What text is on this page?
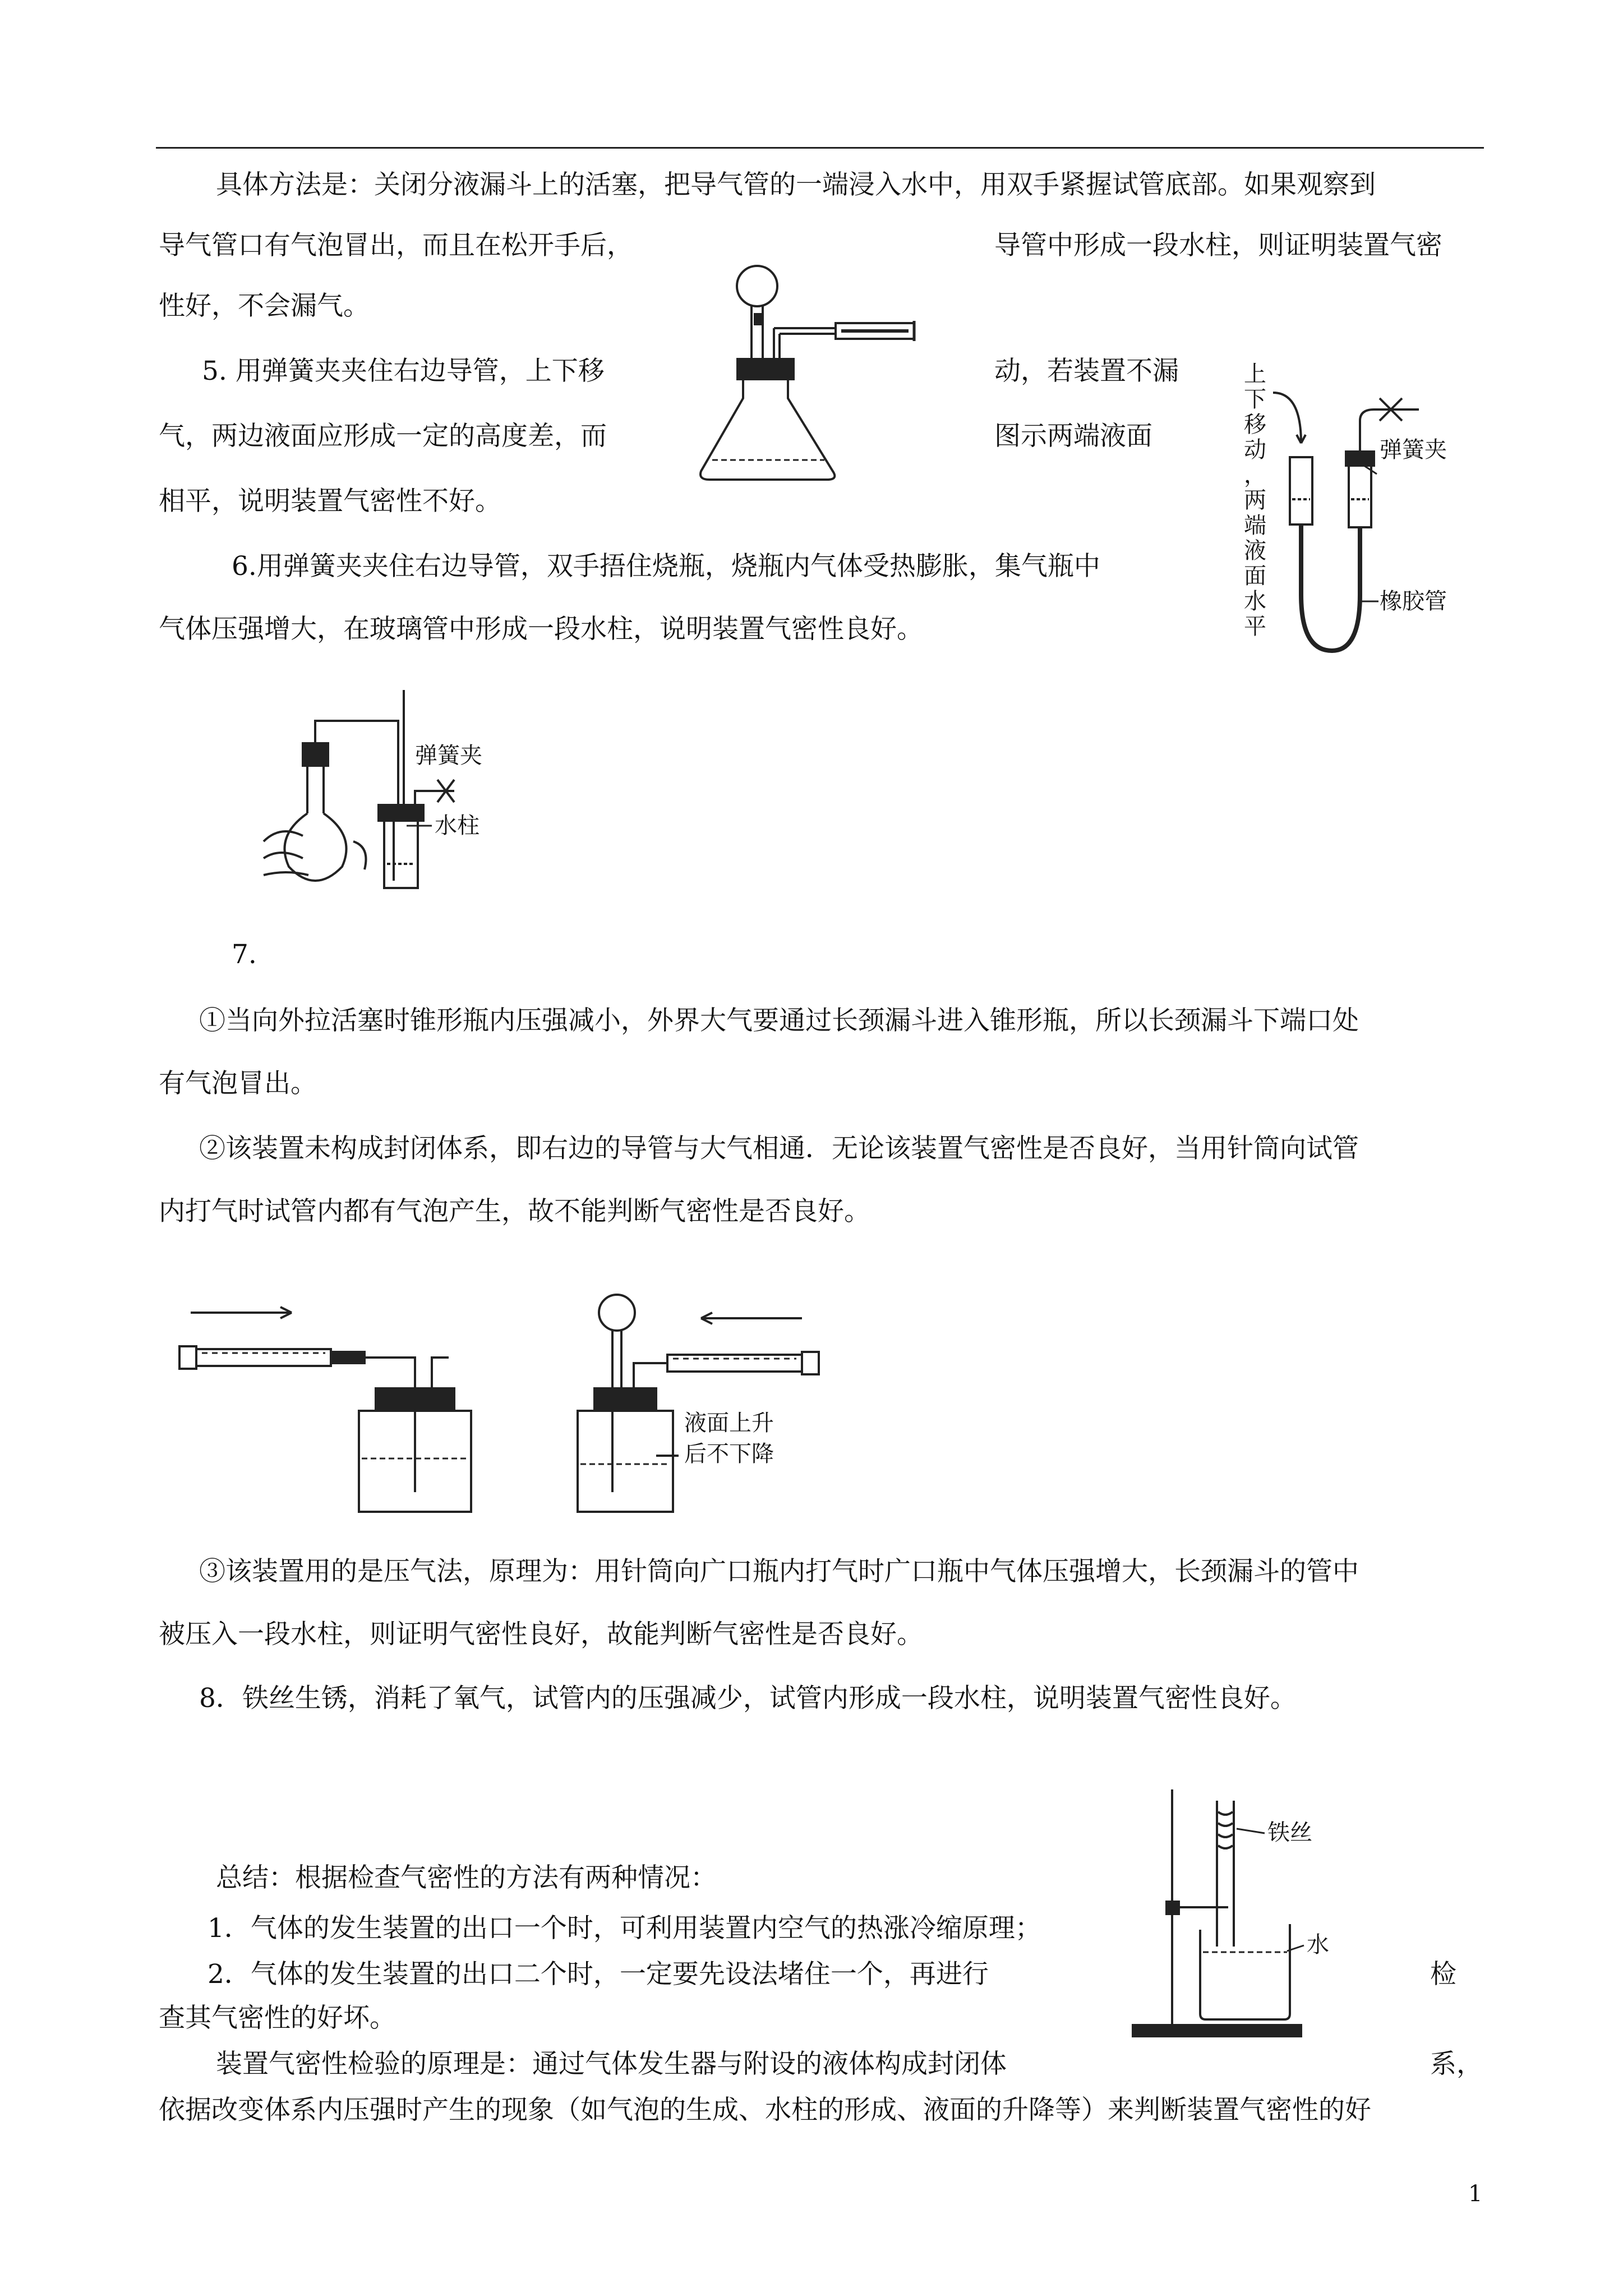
具体方法是：关闭分液漏斗上的活塞，把导气管的一端浸入水中，用双手紧握试管底部。如果观察到
导气管口有气泡冒出，而且在松开手后，	导管中形成一段水柱，则证明装置气密
性好，不会漏气。
5. 用弹簧夹夹住右边导管，上下移	动，若装置不漏
气，两边液面应形成一定的高度差，而	图示两端液面
相平，说明装置气密性不好。
6.用弹簧夹夹住右边导管，双手捂住烧瓶，烧瓶内气体受热膨胀，集气瓶中
气体压强增大，在玻璃管中形成一段水柱，说明装置气密性良好。
7.
①当向外拉活塞时锥形瓶内压强减小，外界大气要通过长颈漏斗进入锥形瓶，所以长颈漏斗下端口处
有气泡冒出。
②该装置未构成封闭体系，即右边的导管与大气相通．无论该装置气密性是否良好，当用针筒向试管
内打气时试管内都有气泡产生，故不能判断气密性是否良好。
③该装置用的是压气法，原理为：用针筒向广口瓶内打气时广口瓶中气体压强增大，长颈漏斗的管中
被压入一段水柱，则证明气密性良好，故能判断气密性是否良好。
8．铁丝生锈，消耗了氧气，试管内的压强减少，试管内形成一段水柱，说明装置气密性良好。
总结：根据检查气密性的方法有两种情况：
1．气体的发生装置的出口一个时，可利用装置内空气的热涨冷缩原理；
2．气体的发生装置的出口二个时，一定要先设法堵住一个，再进行	检
查其气密性的好坏。
装置气密性检验的原理是：通过气体发生器与附设的液体构成封闭体	系，
依据改变体系内压强时产生的现象（如气泡的生成、水柱的形成、液面的升降等）来判断装置气密性的好
1
上
下
移
动
，
两
端
液
面
水
平
弹簧夹
橡胶管
弹簧夹
水柱
液面上升
后不下降
铁丝
水
